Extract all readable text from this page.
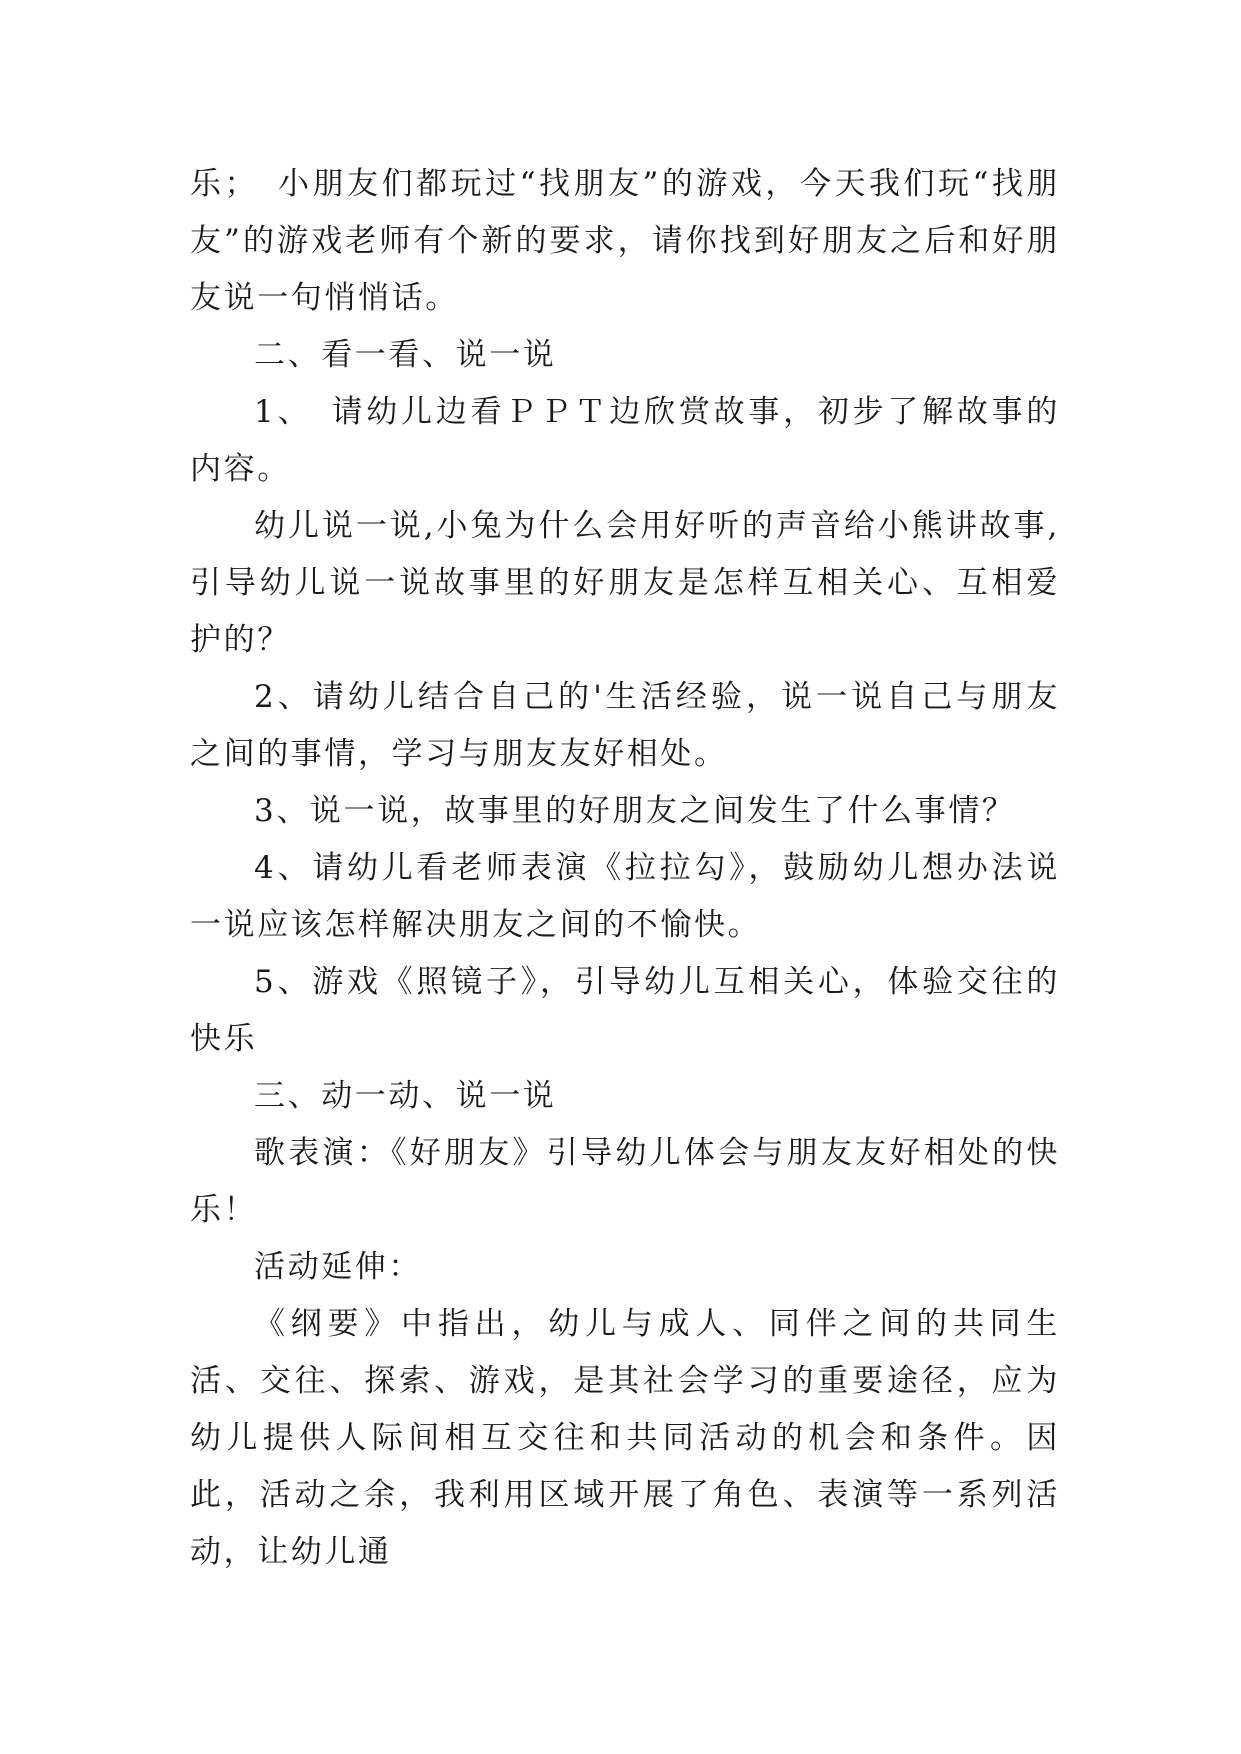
乐；　小朋友们都玩过“找朋友”的游戏，今天我们玩“找朋友”的游戏老师有个新的要求，请你找到好朋友之后和好朋友说一句悄悄话。

二、看一看、说一说

1、　请幼儿边看ＰＰＴ边欣赏故事，初步了解故事的内容。

幼儿说一说,小兔为什么会用好听的声音给小熊讲故事,引导幼儿说一说故事里的好朋友是怎样互相关心、互相爱护的？

2、请幼儿结合自己的'生活经验，说一说自己与朋友之间的事情，学习与朋友友好相处。

3、说一说，故事里的好朋友之间发生了什么事情？

4、请幼儿看老师表演《拉拉勾》，鼓励幼儿想办法说一说应该怎样解决朋友之间的不愉快。

5、游戏《照镜子》，引导幼儿互相关心，体验交往的快乐

三、动一动、说一说

歌表演：《好朋友》引导幼儿体会与朋友友好相处的快乐！

活动延伸：

《纲要》中指出，幼儿与成人、同伴之间的共同生活、交往、探索、游戏，是其社会学习的重要途径，应为幼儿提供人际间相互交往和共同活动的机会和条件。因此，活动之余，我利用区域开展了角色、表演等一系列活动，让幼儿通
